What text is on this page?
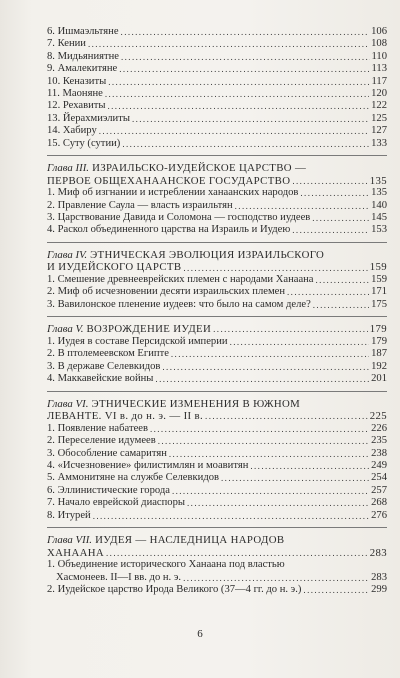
6. Ишмаэльтяне .....	106
7. Кении .....	108
8. Мидьяниятне .....	110
9. Амалекитяне .....	113
10. Кеназиты .....	117
11. Маоняне .....	120
12. Рехавиты .....	122
13. Йерахмиэлиты .....	125
14. Хабиру .....	127
15. Суту (сутии) .....	133
Глава III. ИЗРАИЛЬСКО-ИУДЕЙСКОЕ ЦАРСТВО —
ПЕРВОЕ ОБЩЕХАНААНСКОЕ ГОСУДАРСТВО .....	135
1. Миф об изгнании и истреблении ханаанских народов .....	135
2. Правление Саула — власть израильтян .....	140
3. Царствование Давида и Соломона — господство иудеев .....	145
4. Раскол объединенного царства на Израиль и Иудею .....	153
Глава IV. ЭТНИЧЕСКАЯ ЭВОЛЮЦИЯ ИЗРАИЛЬСКОГО
И ИУДЕЙСКОГО ЦАРСТВ .....	159
1. Смешение древнееврейских племен с народами Ханаана .....	159
2. Миф об исчезновении десяти израильских племен .....	171
3. Вавилонское пленение иудеев: что было на самом деле? .....	175
Глава V. ВОЗРОЖДЕНИЕ ИУДЕИ .....	179
1. Иудея в составе Персидской империи .....	179
2. В птолемеевском Египте .....	187
3. В державе Селевкидов .....	192
4. Маккавейские войны .....	201
Глава VI. ЭТНИЧЕСКИЕ ИЗМЕНЕНИЯ В ЮЖНОМ
ЛЕВАНТЕ. VI в. до н. э. — II в. .....	225
1. Появление набатеев .....	226
2. Переселение идумеев .....	235
3. Обособление самаритян .....	238
4. «Исчезновение» филистимлян и моавитян .....	249
5. Аммонитяне на службе Селевкидов .....	254
6. Эллинистические города .....	257
7. Начало еврейской диаспоры .....	268
8. Итурей .....	276
Глава VII. ИУДЕЯ — НАСЛЕДНИЦА НАРОДОВ
ХАНААНА .....	283
1. Объединение исторического Ханаана под властью
Хасмонеев. II—I вв. до н. э. .....	283
2. Иудейское царство Ирода Великого (37—4 гг. до н. э.) .....	299
6
